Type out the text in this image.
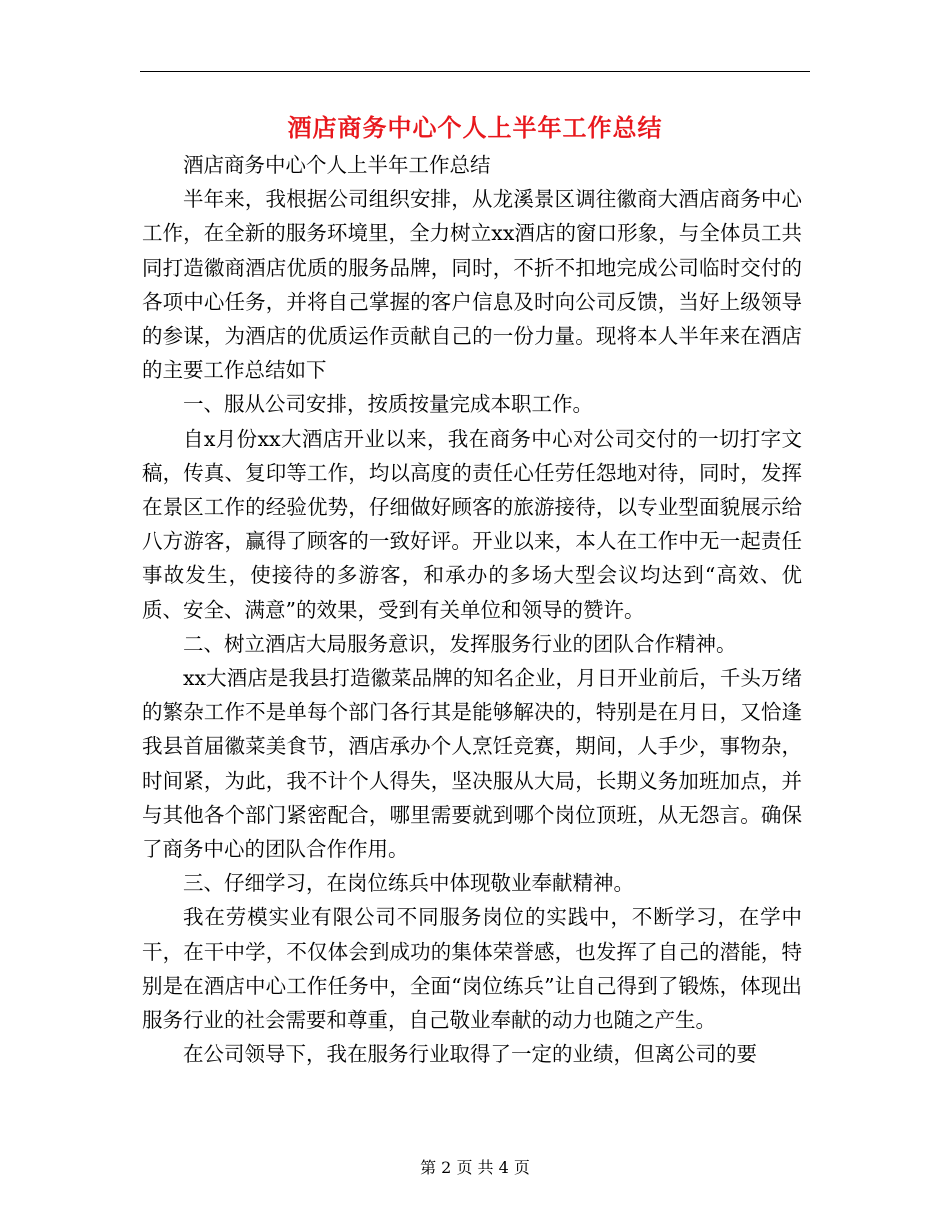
酒店商务中心个人上半年工作总结

酒店商务中心个人上半年工作总结

半年来，我根据公司组织安排，从龙溪景区调往徽商大酒店商务中心工作，在全新的服务环境里，全力树立xx酒店的窗口形象，与全体员工共同打造徽商酒店优质的服务品牌，同时，不折不扣地完成公司临时交付的各项中心任务，并将自己掌握的客户信息及时向公司反馈，当好上级领导的参谋，为酒店的优质运作贡献自己的一份力量。现将本人半年来在酒店的主要工作总结如下

一、服从公司安排，按质按量完成本职工作。

自x月份xx大酒店开业以来，我在商务中心对公司交付的一切打字文稿，传真、复印等工作，均以高度的责任心任劳任怨地对待，同时，发挥在景区工作的经验优势，仔细做好顾客的旅游接待，以专业型面貌展示给八方游客，赢得了顾客的一致好评。开业以来，本人在工作中无一起责任事故发生，使接待的多游客，和承办的多场大型会议均达到“高效、优质、安全、满意”的效果，受到有关单位和领导的赞许。

二、树立酒店大局服务意识，发挥服务行业的团队合作精神。

xx大酒店是我县打造徽菜品牌的知名企业，月日开业前后，千头万绪的繁杂工作不是单每个部门各行其是能够解决的，特别是在月日，又恰逢我县首届徽菜美食节，酒店承办个人烹饪竞赛，期间，人手少，事物杂，时间紧，为此，我不计个人得失，坚决服从大局，长期义务加班加点，并与其他各个部门紧密配合，哪里需要就到哪个岗位顶班，从无怨言。确保了商务中心的团队合作作用。

三、仔细学习，在岗位练兵中体现敬业奉献精神。

我在劳模实业有限公司不同服务岗位的实践中，不断学习，在学中干，在干中学，不仅体会到成功的集体荣誉感，也发挥了自己的潜能，特别是在酒店中心工作任务中，全面“岗位练兵”让自己得到了锻炼，体现出服务行业的社会需要和尊重，自己敬业奉献的动力也随之产生。

在公司领导下，我在服务行业取得了一定的业绩，但离公司的要

第 2 页 共 4 页
